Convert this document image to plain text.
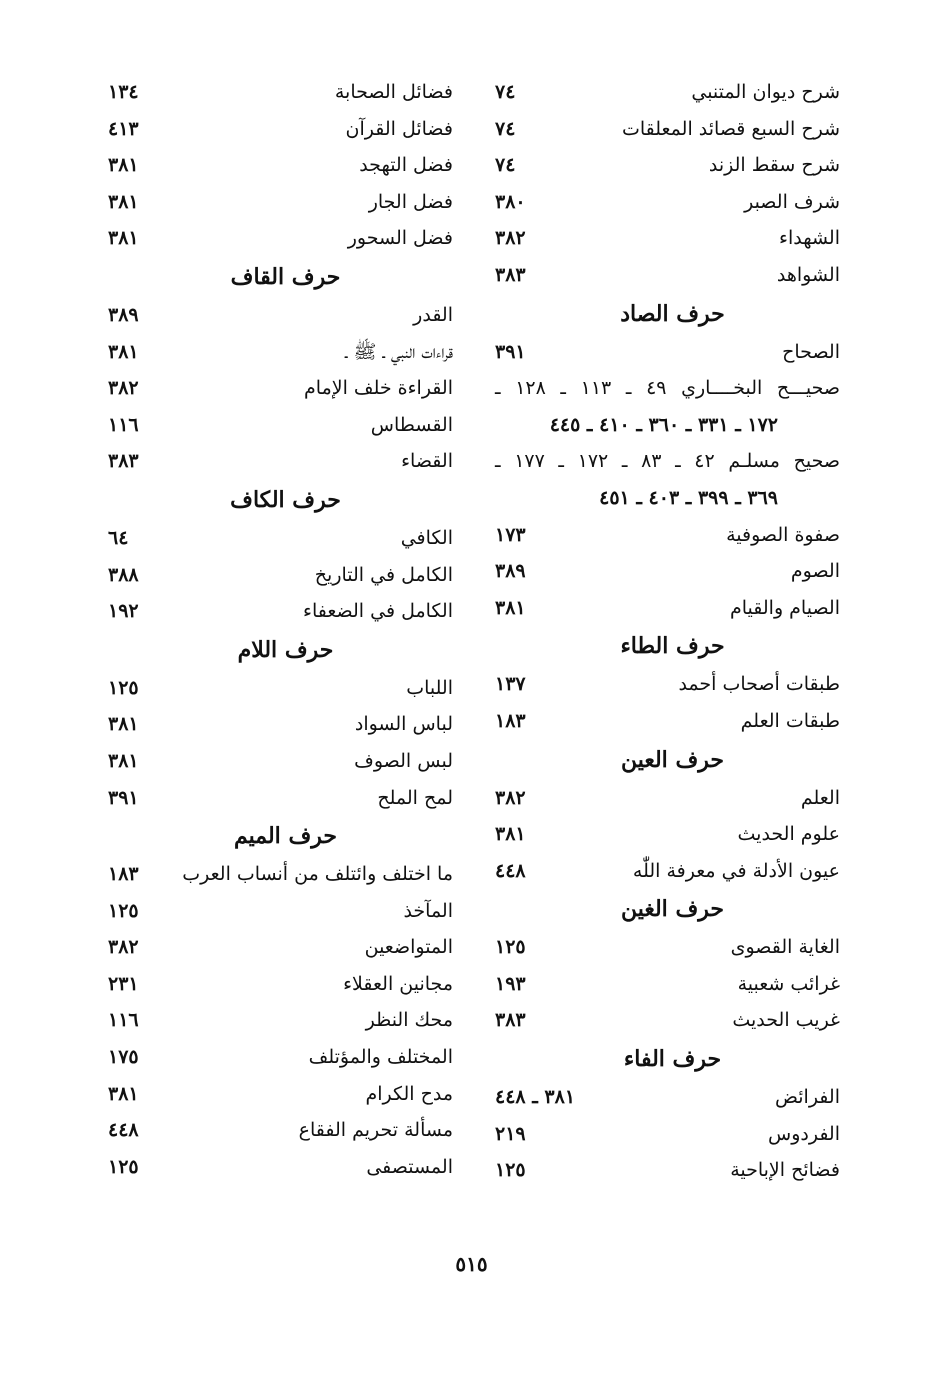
شرح ديوان المتنبي
٧٤
شرح السبع قصائد المعلقات
٧٤
شرح سقط الزند
٧٤
شرف الصبر
٣٨٠
الشهداء
٣٨٢
الشواهد
٣٨٣
حرف الصاد
الصحاح
٣٩١
صحيـــح البخــــاري ٤٩ ـ ١١٣ ـ ١٢٨ ـ
١٧٢ ـ ٣٣١ ـ ٣٦٠ ـ ٤١٠ ـ ٤٤٥
صحيح مسلـم ٤٢ ـ ٨٣ ـ ١٧٢ ـ ١٧٧ ـ
٣٦٩ ـ ٣٩٩ ـ ٤٠٣ ـ ٤٥١
صفوة الصوفية
١٧٣
الصوم
٣٨٩
الصيام والقيام
٣٨١
حرف الطاء
طبقات أصحاب أحمد
١٣٧
طبقات العلم
١٨٣
حرف العين
العلم
٣٨٢
علوم الحديث
٣٨١
عيون الأدلة في معرفة اللّٰه
٤٤٨
حرف الغين
الغاية القصوى
١٢٥
غرائب شعبية
١٩٣
غريب الحديث
٣٨٣
حرف الفاء
الفرائض
٣٨١ ـ ٤٤٨
الفردوس
٢١٩
فضائح الإباحية
١٢٥
فضائل الصحابة
١٣٤
فضائل القرآن
٤١٣
فضل التهجد
٣٨١
فضل الجار
٣٨١
فضل السحور
٣٨١
حرف القاف
القدر
٣٨٩
قراءات النبي ـ ﷺ ـ
٣٨١
القراءة خلف الإمام
٣٨٢
القسطاس
١١٦
القضاء
٣٨٣
حرف الكاف
الكافي
٦٤
الكامل في التاريخ
٣٨٨
الكامل في الضعفاء
١٩٢
حرف اللام
اللباب
١٢٥
لباس السواد
٣٨١
لبس الصوف
٣٨١
لمح الملح
٣٩١
حرف الميم
ما اختلف وائتلف من أنساب العرب
١٨٣
المآخذ
١٢٥
المتواضعين
٣٨٢
مجانين العقلاء
٢٣١
محك النظر
١١٦
المختلف والمؤتلف
١٧٥
مدح الكرام
٣٨١
مسألة تحريم الفقاع
٤٤٨
المستصفى
١٢٥
٥١٥
